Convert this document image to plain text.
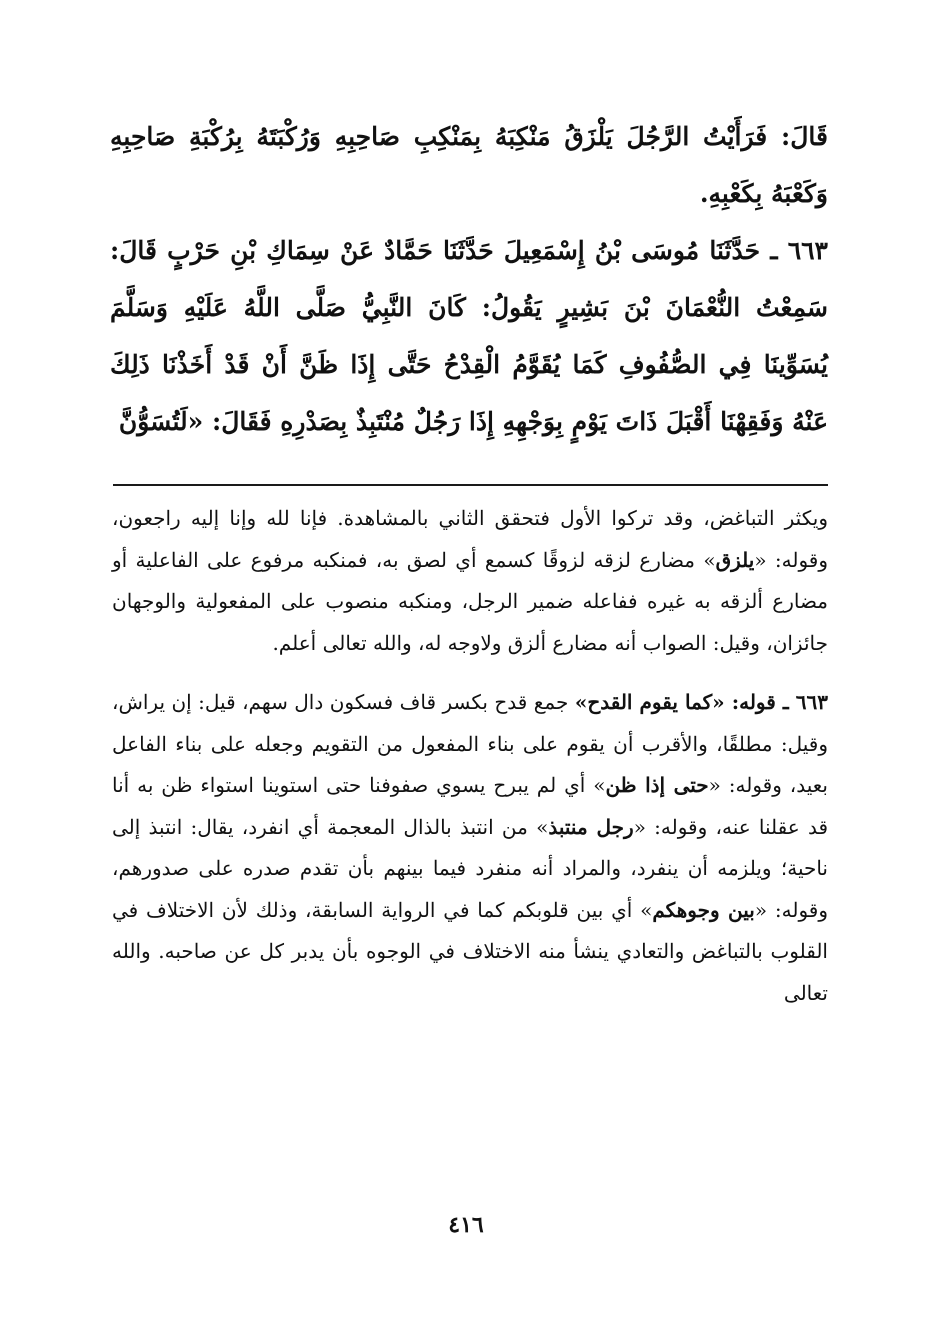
قَالَ: فَرَأَيْتُ الرَّجُلَ يَلْزَقُ مَنْكِبَهُ بِمَنْكِبِ صَاحِبِهِ وَرُكْبَتَهُ بِرُكْبَةِ صَاحِبِهِ وَكَعْبَهُ بِكَعْبِهِ.

٦٦٣ ـ حَدَّثَنَا مُوسَى بْنُ إِسْمَعِيلَ حَدَّثَنَا حَمَّادٌ عَنْ سِمَاكِ بْنِ حَرْبٍ قَالَ: سَمِعْتُ النُّعْمَانَ بْنَ بَشِيرٍ يَقُولُ: كَانَ النَّبِيُّ صَلَّى اللَّهُ عَلَيْهِ وَسَلَّمَ يُسَوِّينَا فِي الصُّفُوفِ كَمَا يُقَوَّمُ الْقِدْحُ حَتَّى إِذَا ظَنَّ أَنْ قَدْ أَخَذْنَا ذَلِكَ عَنْهُ وَفَقِهْنَا أَقْبَلَ ذَاتَ يَوْمٍ بِوَجْهِهِ إِذَا رَجُلٌ مُنْتَبِذٌ بِصَدْرِهِ فَقَالَ: «لَتُسَوُّنَّ

ويكثر التباغض، وقد تركوا الأول فتحقق الثاني بالمشاهدة. فإنا لله وإنا إليه راجعون، وقوله: «يلزق» مضارع لزقه لزوقًا كسمع أي لصق به، فمنكبه مرفوع على الفاعلية أو مضارع ألزقه به غيره ففاعله ضمير الرجل، ومنكبه منصوب على المفعولية والوجهان جائزان، وقيل: الصواب أنه مضارع ألزق ولاوجه له، والله تعالى أعلم.

٦٦٣ ـ قوله: «كما يقوم القدح» جمع قدح بكسر قاف فسكون دال سهم، قيل: إن يراش، وقيل: مطلقًا، والأقرب أن يقوم على بناء المفعول من التقويم وجعله على بناء الفاعل بعيد، وقوله: «حتى إذا ظن» أي لم يبرح يسوي صفوفنا حتى استوينا استواء ظن به أنا قد عقلنا عنه، وقوله: «رجل منتبذ» من انتبذ بالذال المعجمة أي انفرد، يقال: انتبذ إلى ناحية؛ ويلزمه أن ينفرد، والمراد أنه منفرد فيما بينهم بأن تقدم صدره على صدورهم، وقوله: «بين وجوهكم» أي بين قلوبكم كما في الرواية السابقة، وذلك لأن الاختلاف في القلوب بالتباغض والتعادي ينشأ منه الاختلاف في الوجوه بأن يدبر كل عن صاحبه. والله تعالى

٤١٦
